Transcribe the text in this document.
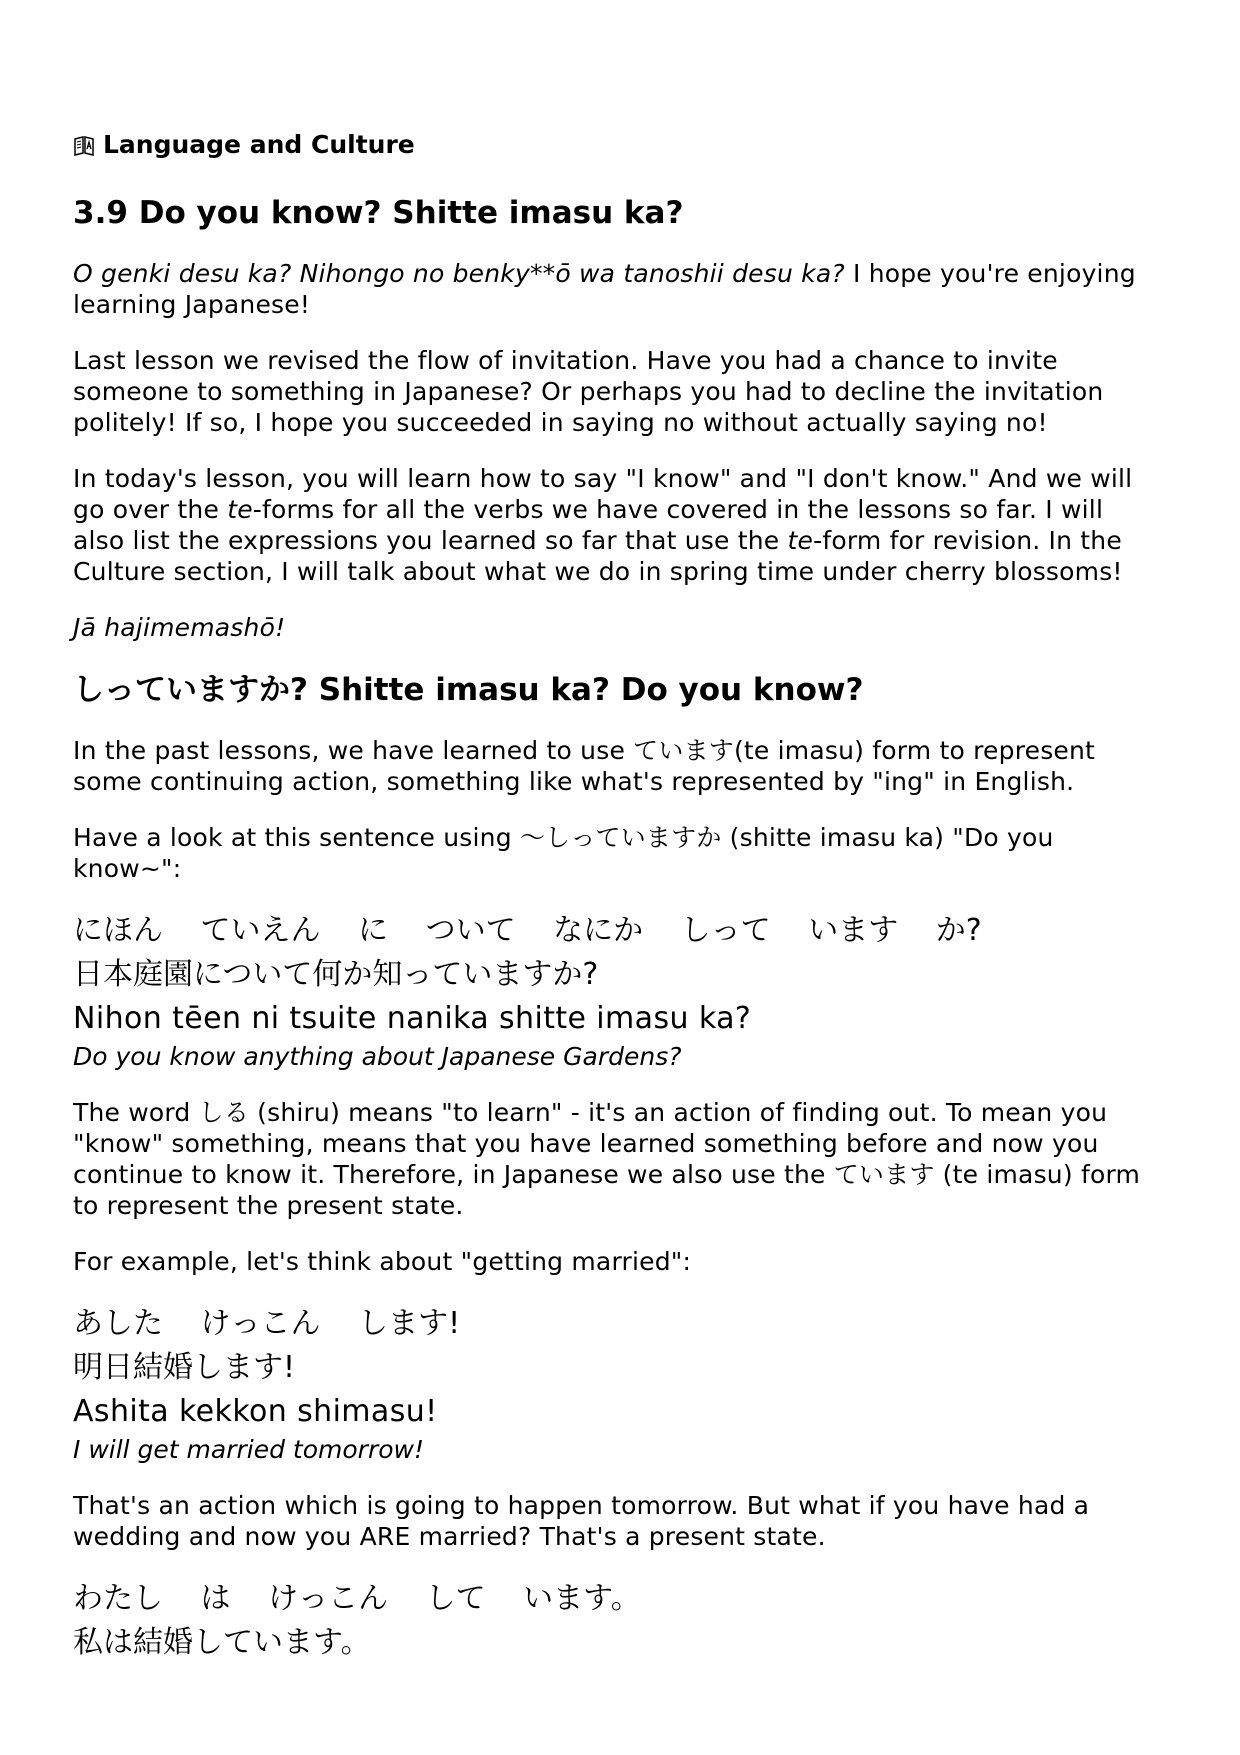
Language and Culture
3.9 Do you know? Shitte imasu ka?

O genki desu ka? Nihongo no benky**ō wa tanoshii desu ka? I hope you're enjoying learning Japanese!

Last lesson we revised the flow of invitation. Have you had a chance to invite someone to something in Japanese? Or perhaps you had to decline the invitation politely! If so, I hope you succeeded in saying no without actually saying no!

In today's lesson, you will learn how to say "I know" and "I don't know." And we will go over the te-forms for all the verbs we have covered in the lessons so far. I will also list the expressions you learned so far that use the te-form for revision. In the Culture section, I will talk about what we do in spring time under cherry blossoms!

Jā hajimemashō!

しっていますか? Shitte imasu ka? Do you know?

In the past lessons, we have learned to use ています(te imasu) form to represent some continuing action, something like what's represented by "ing" in English.

Have a look at this sentence using 〜しっていますか (shitte imasu ka) "Do you know~":

にほん ていえん に ついて なにか しって います か?
日本庭園について何か知っていますか?
Nihon tēen ni tsuite nanika shitte imasu ka?
Do you know anything about Japanese Gardens?

The word しる (shiru) means "to learn" - it's an action of finding out. To mean you "know" something, means that you have learned something before and now you continue to know it. Therefore, in Japanese we also use the ています (te imasu) form to represent the present state.

For example, let's think about "getting married":

あした けっこん します!
明日結婚します!
Ashita kekkon shimasu!
I will get married tomorrow!

That's an action which is going to happen tomorrow. But what if you have had a wedding and now you ARE married? That's a present state.

わたし は けっこん して います。
私は結婚しています。
